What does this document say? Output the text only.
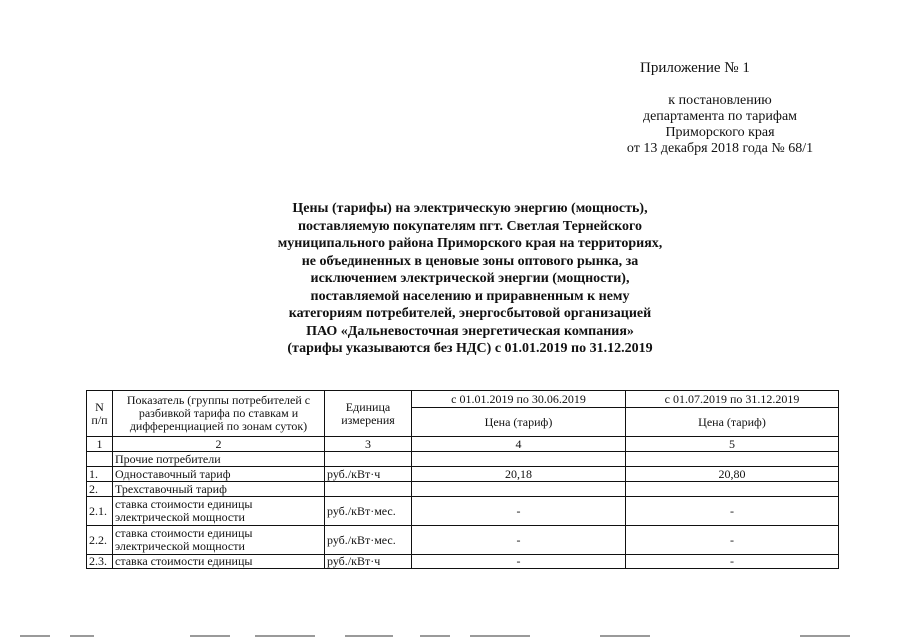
Приложение № 1
к постановлению
департамента по тарифам
Приморского края
от 13 декабря 2018 года № 68/1
Цены (тарифы) на электрическую энергию (мощность),
поставляемую покупателям пгт. Светлая Тернейского
муниципального района Приморского края на территориях,
не объединенных в ценовые зоны оптового рынка, за
исключением электрической энергии (мощности),
поставляемой населению и приравненным к нему
категориям потребителей, энергосбытовой организацией
ПАО «Дальневосточная энергетическая компания»
(тарифы указываются без НДС) с 01.01.2019 по 31.12.2019
N п/п	Показатель (группы потребителей с разбивкой тарифа по ставкам и дифференциацией по зонам суток)	Единица измерения	с 01.01.2019 по 30.06.2019	с 01.07.2019 по 31.12.2019
			Цена (тариф)	Цена (тариф)
1	2	3	4	5
	Прочие потребители			
1.	Одноставочный тариф	руб./кВт·ч	20,18	20,80
2.	Трехставочный тариф			
2.1.	ставка стоимости единицы электрической мощности	руб./кВт·мес.	-	-
2.2.	ставка стоимости единицы электрической мощности	руб./кВт·мес.	-	-
2.3.	ставка стоимости единицы	руб./кВт·ч	-	-
